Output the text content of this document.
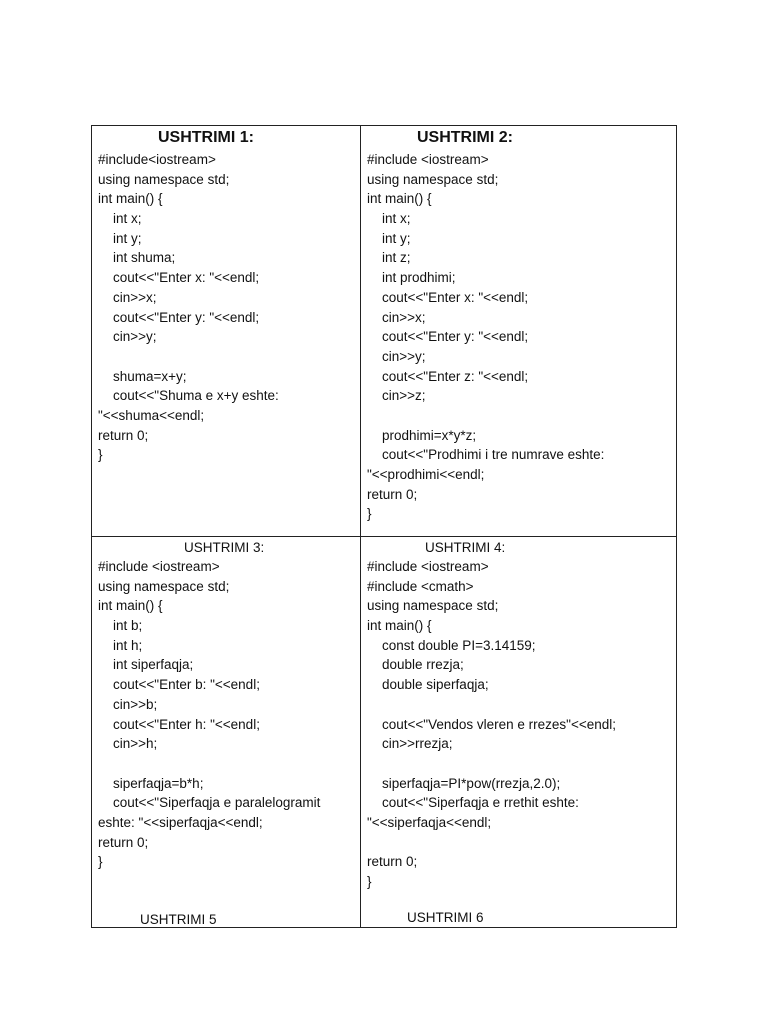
USHTRIMI 1:
#include<iostream>
using namespace std;
int main() {
int x;
int y;
int shuma;
cout<<"Enter x: "<<endl;
cin>>x;
cout<<"Enter y: "<<endl;
cin>>y;
shuma=x+y;
cout<<"Shuma e x+y eshte:
"<<shuma<<endl;
return 0;
}
USHTRIMI 2:
#include <iostream>
using namespace std;
int main() {
int x;
int y;
int z;
int prodhimi;
cout<<"Enter x: "<<endl;
cin>>x;
cout<<"Enter y: "<<endl;
cin>>y;
cout<<"Enter z: "<<endl;
cin>>z;
prodhimi=x*y*z;
cout<<"Prodhimi i tre numrave eshte:
"<<prodhimi<<endl;
return 0;
}
USHTRIMI 3:
#include <iostream>
using namespace std;
int main() {
int b;
int h;
int siperfaqja;
cout<<"Enter b: "<<endl;
cin>>b;
cout<<"Enter h: "<<endl;
cin>>h;
siperfaqja=b*h;
cout<<"Siperfaqja e paralelogramit
eshte: "<<siperfaqja<<endl;
return 0;
}
USHTRIMI 5
USHTRIMI 4:
#include <iostream>
#include <cmath>
using namespace std;
int main() {
const double PI=3.14159;
double rrezja;
double siperfaqja;
cout<<"Vendos vleren e rrezes"<<endl;
cin>>rrezja;
siperfaqja=PI*pow(rrezja,2.0);
cout<<"Siperfaqja e rrethit eshte:
"<<siperfaqja<<endl;
return 0;
}
USHTRIMI 6
